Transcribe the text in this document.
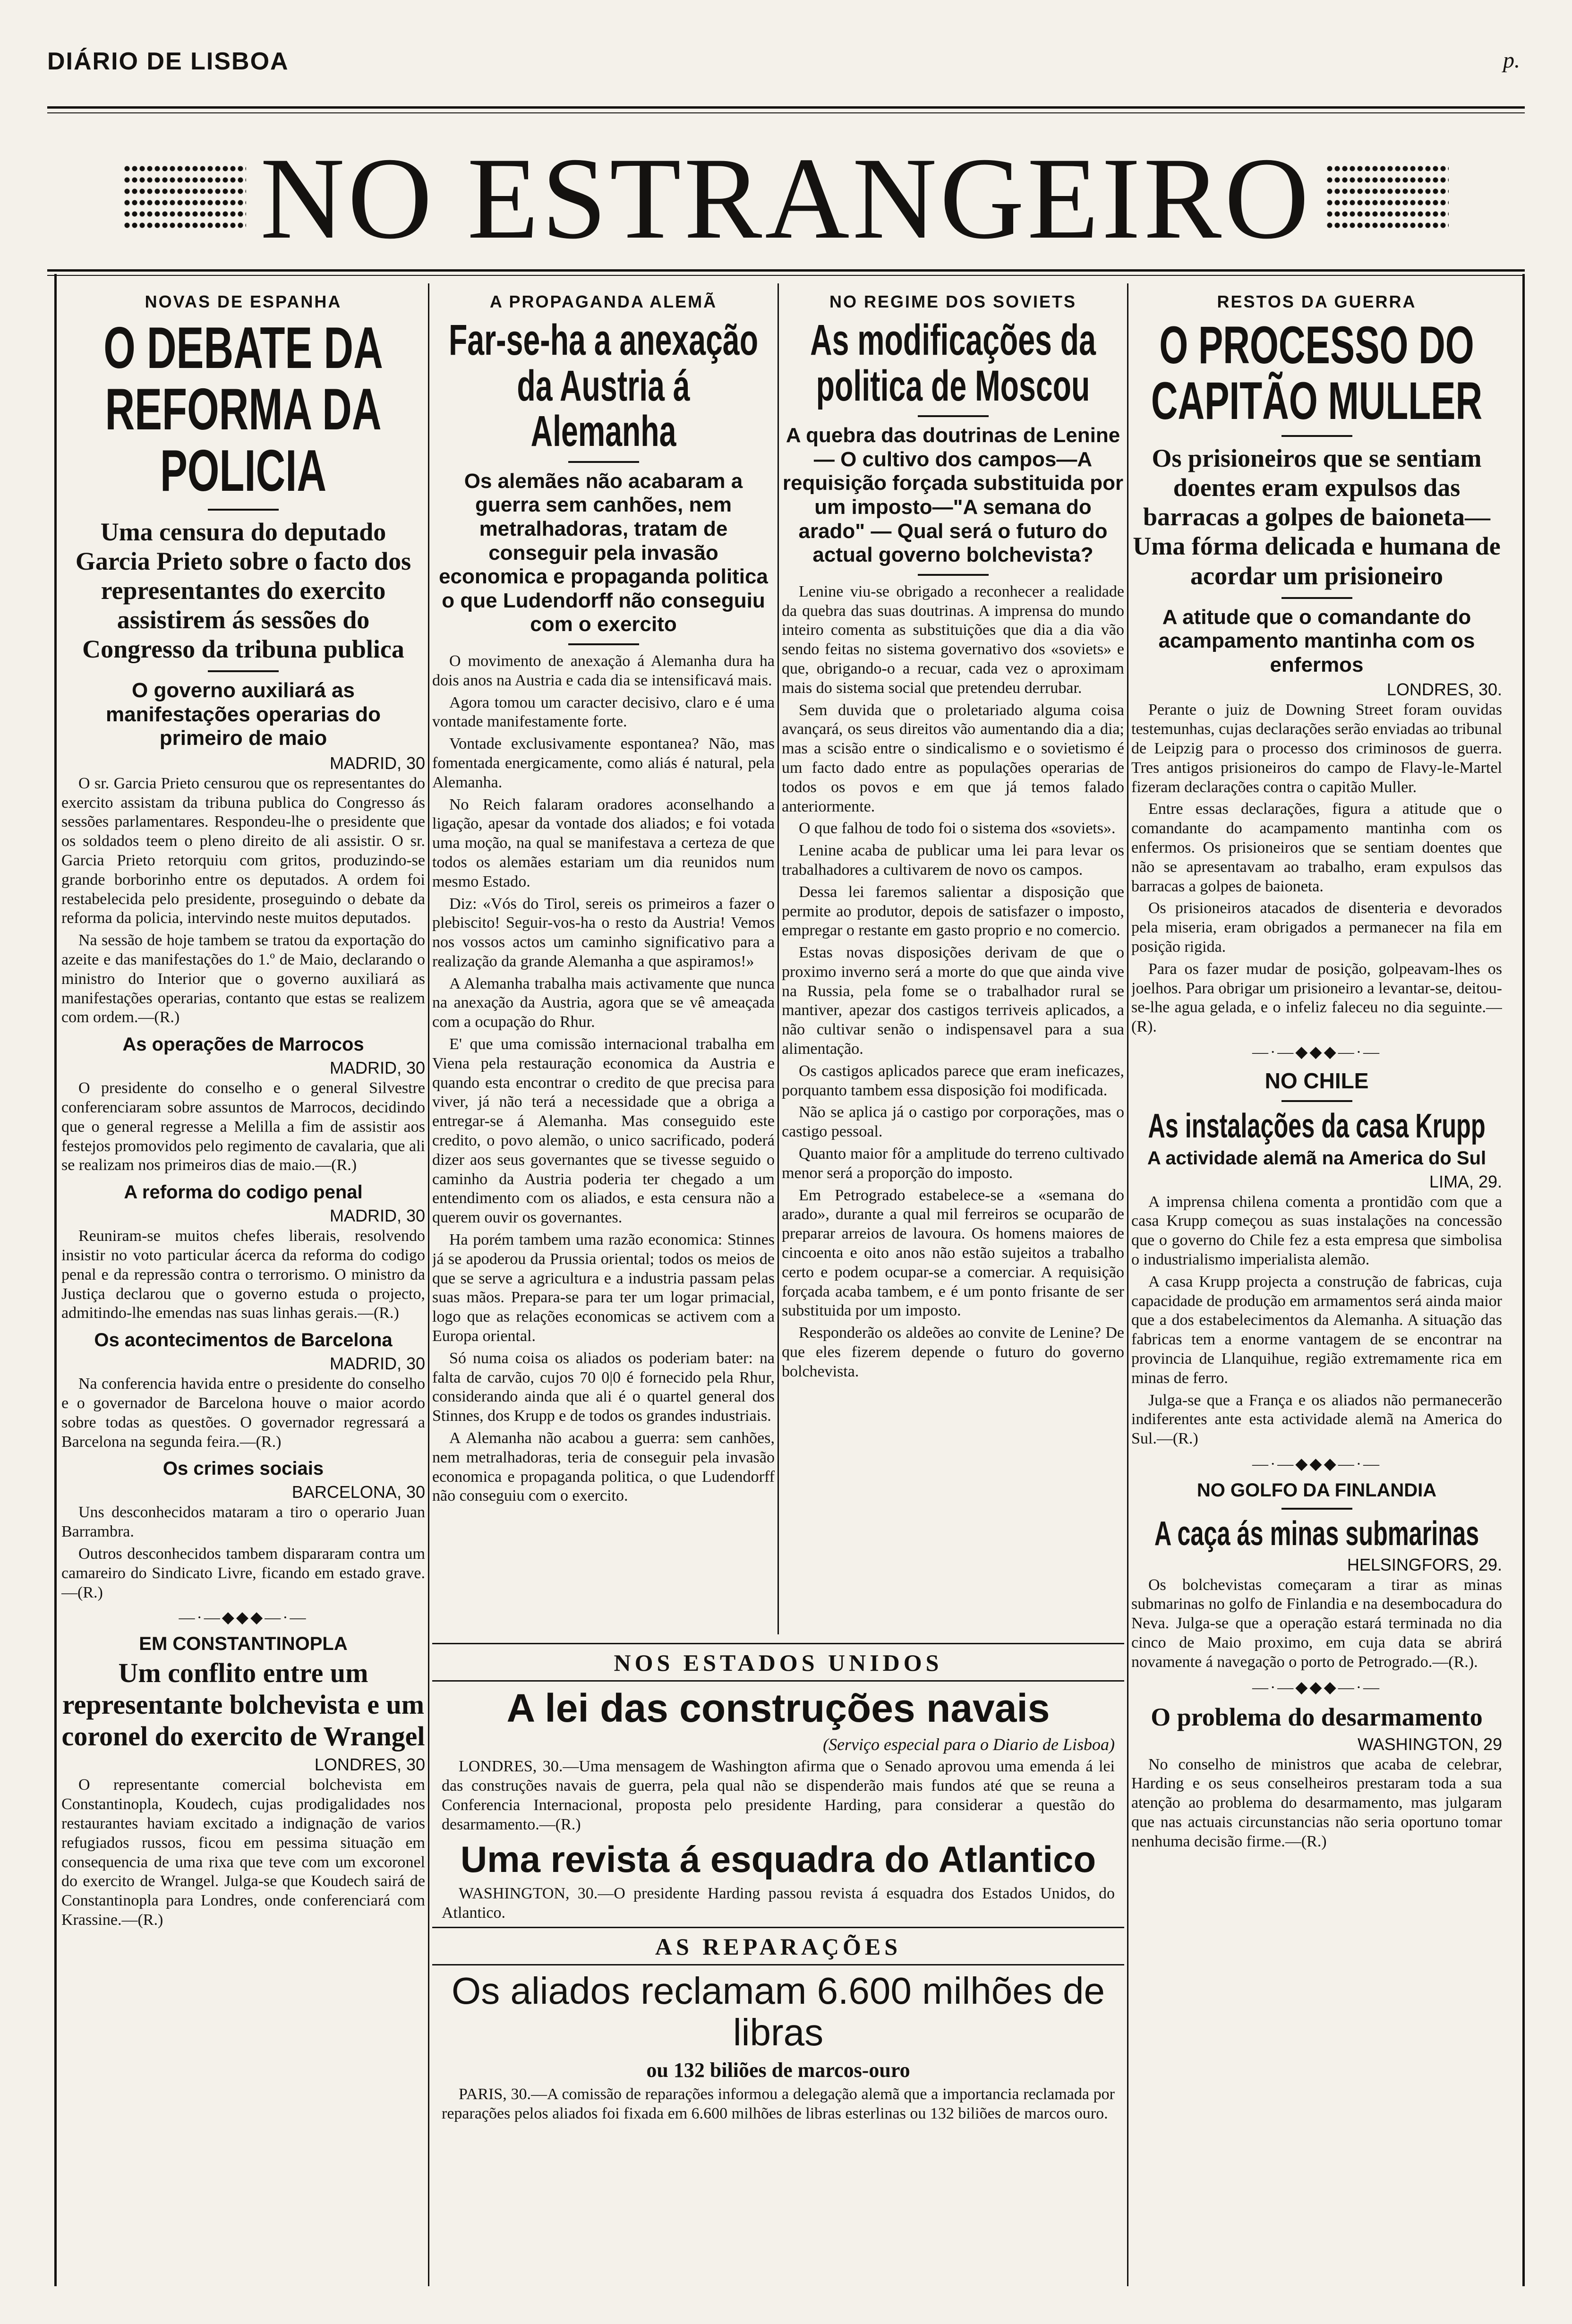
DIÁRIO DE LISBOA	p.
NO ESTRANGEIRO
NOVAS DE ESPANHA
O DEBATE DA REFORMA DA POLICIA
Uma censura do deputado Garcia Prieto sobre o facto dos representantes do exercito assistirem ás sessões do Congresso da tribuna publica
O governo auxiliará as manifestações operarias do primeiro de maio
MADRID, 30

O sr. Garcia Prieto censurou que os representantes do exercito assistam da tribuna publica do Congresso ás sessões parlamentares. Respondeu-lhe o presidente que os soldados teem o pleno direito de ali assistir. O sr. Garcia Prieto retorquiu com gritos, produzindo-se grande borborinho entre os deputados. A ordem foi restabelecida pelo presidente, proseguindo o debate da reforma da policia, intervindo neste muitos deputados.

Na sessão de hoje tambem se tratou da exportação do azeite e das manifestações do 1.º de Maio, declarando o ministro do Interior que o governo auxiliará as manifestações operarias, contanto que estas se realizem com ordem.—(R.)

As operações de Marrocos
MADRID, 30

O presidente do conselho e o general Silvestre conferenciaram sobre assuntos de Marrocos, decidindo que o general regresse a Melilla a fim de assistir aos festejos promovidos pelo regimento de cavalaria, que ali se realizam nos primeiros dias de maio.—(R.)

A reforma do codigo penal
MADRID, 30

Reuniram-se muitos chefes liberais, resolvendo insistir no voto particular ácerca da reforma do codigo penal e da repressão contra o terrorismo. O ministro da Justiça declarou que o governo estuda o projecto, admitindo-lhe emendas nas suas linhas gerais.—(R.)

Os acontecimentos de Barcelona
MADRID, 30

Na conferencia havida entre o presidente do conselho e o governador de Barcelona houve o maior acordo sobre todas as questões. O governador regressará a Barcelona na segunda feira.—(R.)

Os crimes sociais
BARCELONA, 30

Uns desconhecidos mataram a tiro o operario Juan Barrambra.

Outros desconhecidos tambem dispararam contra um camareiro do Sindicato Livre, ficando em estado grave.—(R.)

—·—◆◆◆—·—
EM CONSTANTINOPLA
Um conflito entre um representante bolchevista e um coronel do exercito de Wrangel
LONDRES, 30

O representante comercial bolchevista em Constantinopla, Koudech, cujas prodigalidades nos restaurantes haviam excitado a indignação de varios refugiados russos, ficou em pessima situação em consequencia de uma rixa que teve com um excoronel do exercito de Wrangel. Julga-se que Koudech sairá de Constantinopla para Londres, onde conferenciará com Krassine.—(R.)

A PROPAGANDA ALEMÃ
Far-se-ha a anexação da Austria á Alemanha
Os alemães não acabaram a guerra sem canhões, nem metralhadoras, tratam de conseguir pela invasão economica e propaganda politica o que Ludendorff não conseguiu com o exercito

O movimento de anexação á Alemanha dura ha dois anos na Austria e cada dia se intensificavá mais.

Agora tomou um caracter decisivo, claro e é uma vontade manifestamente forte.

Vontade exclusivamente espontanea? Não, mas fomentada energicamente, como aliás é natural, pela Alemanha.

No Reich falaram oradores aconselhando a ligação, apesar da vontade dos aliados; e foi votada uma moção, na qual se manifestava a certeza de que todos os alemães estariam um dia reunidos num mesmo Estado.

Diz: «Vós do Tirol, sereis os primeiros a fazer o plebiscito! Seguir-vos-ha o resto da Austria! Vemos nos vossos actos um caminho significativo para a realização da grande Alemanha a que aspiramos!»

A Alemanha trabalha mais activamente que nunca na anexação da Austria, agora que se vê ameaçada com a ocupação do Rhur.

E' que uma comissão internacional trabalha em Viena pela restauração economica da Austria e quando esta encontrar o credito de que precisa para viver, já não terá a necessidade que a obriga a entregar-se á Alemanha. Mas conseguido este credito, o povo alemão, o unico sacrificado, poderá dizer aos seus governantes que se tivesse seguido o caminho da Austria poderia ter chegado a um entendimento com os aliados, e esta censura não a querem ouvir os governantes.

Ha porém tambem uma razão economica: Stinnes já se apoderou da Prussia oriental; todos os meios de que se serve a agricultura e a industria passam pelas suas mãos. Prepara-se para ter um logar primacial, logo que as relações economicas se activem com a Europa oriental.

Só numa coisa os aliados os poderiam bater: na falta de carvão, cujos 70 0|0 é fornecido pela Rhur, considerando ainda que ali é o quartel general dos Stinnes, dos Krupp e de todos os grandes industriais.

A Alemanha não acabou a guerra: sem canhões, nem metralhadoras, teria de conseguir pela invasão economica e propaganda politica, o que Ludendorff não conseguiu com o exercito.

NO REGIME DOS SOVIETS
As modificações da politica de Moscou
A quebra das doutrinas de Lenine — O cultivo dos campos—A requisição forçada substituida por um imposto—"A semana do arado" — Qual será o futuro do actual governo bolchevista?

Lenine viu-se obrigado a reconhecer a realidade da quebra das suas doutrinas. A imprensa do mundo inteiro comenta as substituições que dia a dia vão sendo feitas no sistema governativo dos «soviets» e que, obrigando-o a recuar, cada vez o aproximam mais do sistema social que pretendeu derrubar.

Sem duvida que o proletariado alguma coisa avançará, os seus direitos vão aumentando dia a dia; mas a scisão entre o sindicalismo e o sovietismo é um facto dado entre as populações operarias de todos os povos e em que já temos falado anteriormente.

O que falhou de todo foi o sistema dos «soviets».

Lenine acaba de publicar uma lei para levar os trabalhadores a cultivarem de novo os campos.

Dessa lei faremos salientar a disposição que permite ao produtor, depois de satisfazer o imposto, empregar o restante em gasto proprio e no comercio.

Estas novas disposições derivam de que o proximo inverno será a morte do que que ainda vive na Russia, pela fome se o trabalhador rural se mantiver, apezar dos castigos terriveis aplicados, a não cultivar senão o indispensavel para a sua alimentação.

Os castigos aplicados parece que eram ineficazes, porquanto tambem essa disposição foi modificada.

Não se aplica já o castigo por corporações, mas o castigo pessoal.

Quanto maior fôr a amplitude do terreno cultivado menor será a proporção do imposto.

Em Petrogrado estabelece-se a «semana do arado», durante a qual mil ferreiros se ocuparão de preparar arreios de lavoura. Os homens maiores de cincoenta e oito anos não estão sujeitos a trabalho certo e podem ocupar-se a comerciar. A requisição forçada acaba tambem, e é um ponto frisante de ser substituida por um imposto.

Responderão os aldeões ao convite de Lenine? De que eles fizerem depende o futuro do governo bolchevista.

RESTOS DA GUERRA
O PROCESSO DO CAPITÃO MULLER
Os prisioneiros que se sentiam doentes eram expulsos das barracas a golpes de baioneta—Uma fórma delicada e humana de acordar um prisioneiro
A atitude que o comandante do acampamento mantinha com os enfermos
LONDRES, 30.

Perante o juiz de Downing Street foram ouvidas testemunhas, cujas declarações serão enviadas ao tribunal de Leipzig para o processo dos criminosos de guerra. Tres antigos prisioneiros do campo de Flavy-le-Martel fizeram declarações contra o capitão Muller.

Entre essas declarações, figura a atitude que o comandante do acampamento mantinha com os enfermos. Os prisioneiros que se sentiam doentes que não se apresentavam ao trabalho, eram expulsos das barracas a golpes de baioneta.

Os prisioneiros atacados de disenteria e devorados pela miseria, eram obrigados a permanecer na fila em posição rigida.

Para os fazer mudar de posição, golpeavam-lhes os joelhos. Para obrigar um prisioneiro a levantar-se, deitou-se-lhe agua gelada, e o infeliz faleceu no dia seguinte.—(R).

—·—◆◆◆—·—
NO CHILE
As instalações da casa Krupp
A actividade alemã na America do Sul
LIMA, 29.

A imprensa chilena comenta a prontidão com que a casa Krupp começou as suas instalações na concessão que o governo do Chile fez a esta empresa que simbolisa o industrialismo imperialista alemão.

A casa Krupp projecta a construção de fabricas, cuja capacidade de produção em armamentos será ainda maior que a dos estabelecimentos da Alemanha. A situação das fabricas tem a enorme vantagem de se encontrar na provincia de Llanquihue, região extremamente rica em minas de ferro.

Julga-se que a França e os aliados não permanecerão indiferentes ante esta actividade alemã na America do Sul.—(R.)

—·—◆◆◆—·—
NO GOLFO DA FINLANDIA
A caça ás minas submarinas
HELSINGFORS, 29.

Os bolchevistas começaram a tirar as minas submarinas no golfo de Finlandia e na desembocadura do Neva. Julga-se que a operação estará terminada no dia cinco de Maio proximo, em cuja data se abrirá novamente á navegação o porto de Petrogrado.—(R.).

—·—◆◆◆—·—
O problema do desarmamento
WASHINGTON, 29

No conselho de ministros que acaba de celebrar, Harding e os seus conselheiros prestaram toda a sua atenção ao problema do desarmamento, mas julgaram que nas actuais circunstancias não seria oportuno tomar nenhuma decisão firme.—(R.)

NOS ESTADOS UNIDOS
A lei das construções navais
(Serviço especial para o Diario de Lisboa)

LONDRES, 30.—Uma mensagem de Washington afirma que o Senado aprovou uma emenda á lei das construções navais de guerra, pela qual não se dispenderão mais fundos até que se reuna a Conferencia Internacional, proposta pelo presidente Harding, para considerar a questão do desarmamento.—(R.)

Uma revista á esquadra do Atlantico

WASHINGTON, 30.—O presidente Harding passou revista á esquadra dos Estados Unidos, do Atlantico.

AS REPARAÇÕES
Os aliados reclamam 6.600 milhões de libras
ou 132 biliões de marcos-ouro

PARIS, 30.—A comissão de reparações informou a delegação alemã que a importancia reclamada por reparações pelos aliados foi fixada em 6.600 milhões de libras esterlinas ou 132 biliões de marcos ouro.
